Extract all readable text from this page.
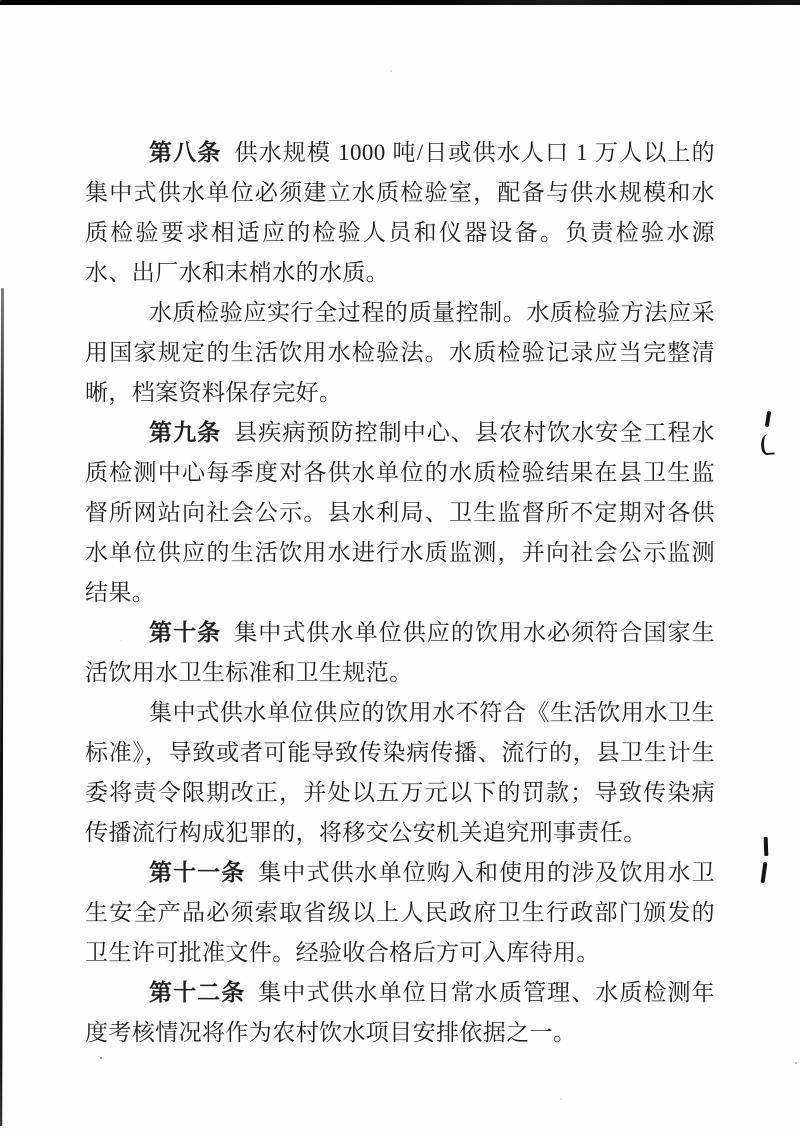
第八条 供水规模 1000 吨/日或供水人口 1 万人以上的集中式供水单位必须建立水质检验室，配备与供水规模和水质检验要求相适应的检验人员和仪器设备。负责检验水源水、出厂水和末梢水的水质。

水质检验应实行全过程的质量控制。水质检验方法应采用国家规定的生活饮用水检验法。水质检验记录应当完整清晰，档案资料保存完好。

第九条 县疾病预防控制中心、县农村饮水安全工程水质检测中心每季度对各供水单位的水质检验结果在县卫生监督所网站向社会公示。县水利局、卫生监督所不定期对各供水单位供应的生活饮用水进行水质监测，并向社会公示监测结果。

第十条 集中式供水单位供应的饮用水必须符合国家生活饮用水卫生标准和卫生规范。

集中式供水单位供应的饮用水不符合《生活饮用水卫生标准》，导致或者可能导致传染病传播、流行的，县卫生计生委将责令限期改正，并处以五万元以下的罚款；导致传染病传播流行构成犯罪的，将移交公安机关追究刑事责任。

第十一条 集中式供水单位购入和使用的涉及饮用水卫生安全产品必须索取省级以上人民政府卫生行政部门颁发的卫生许可批准文件。经验收合格后方可入库待用。

第十二条 集中式供水单位日常水质管理、水质检测年度考核情况将作为农村饮水项目安排依据之一。
